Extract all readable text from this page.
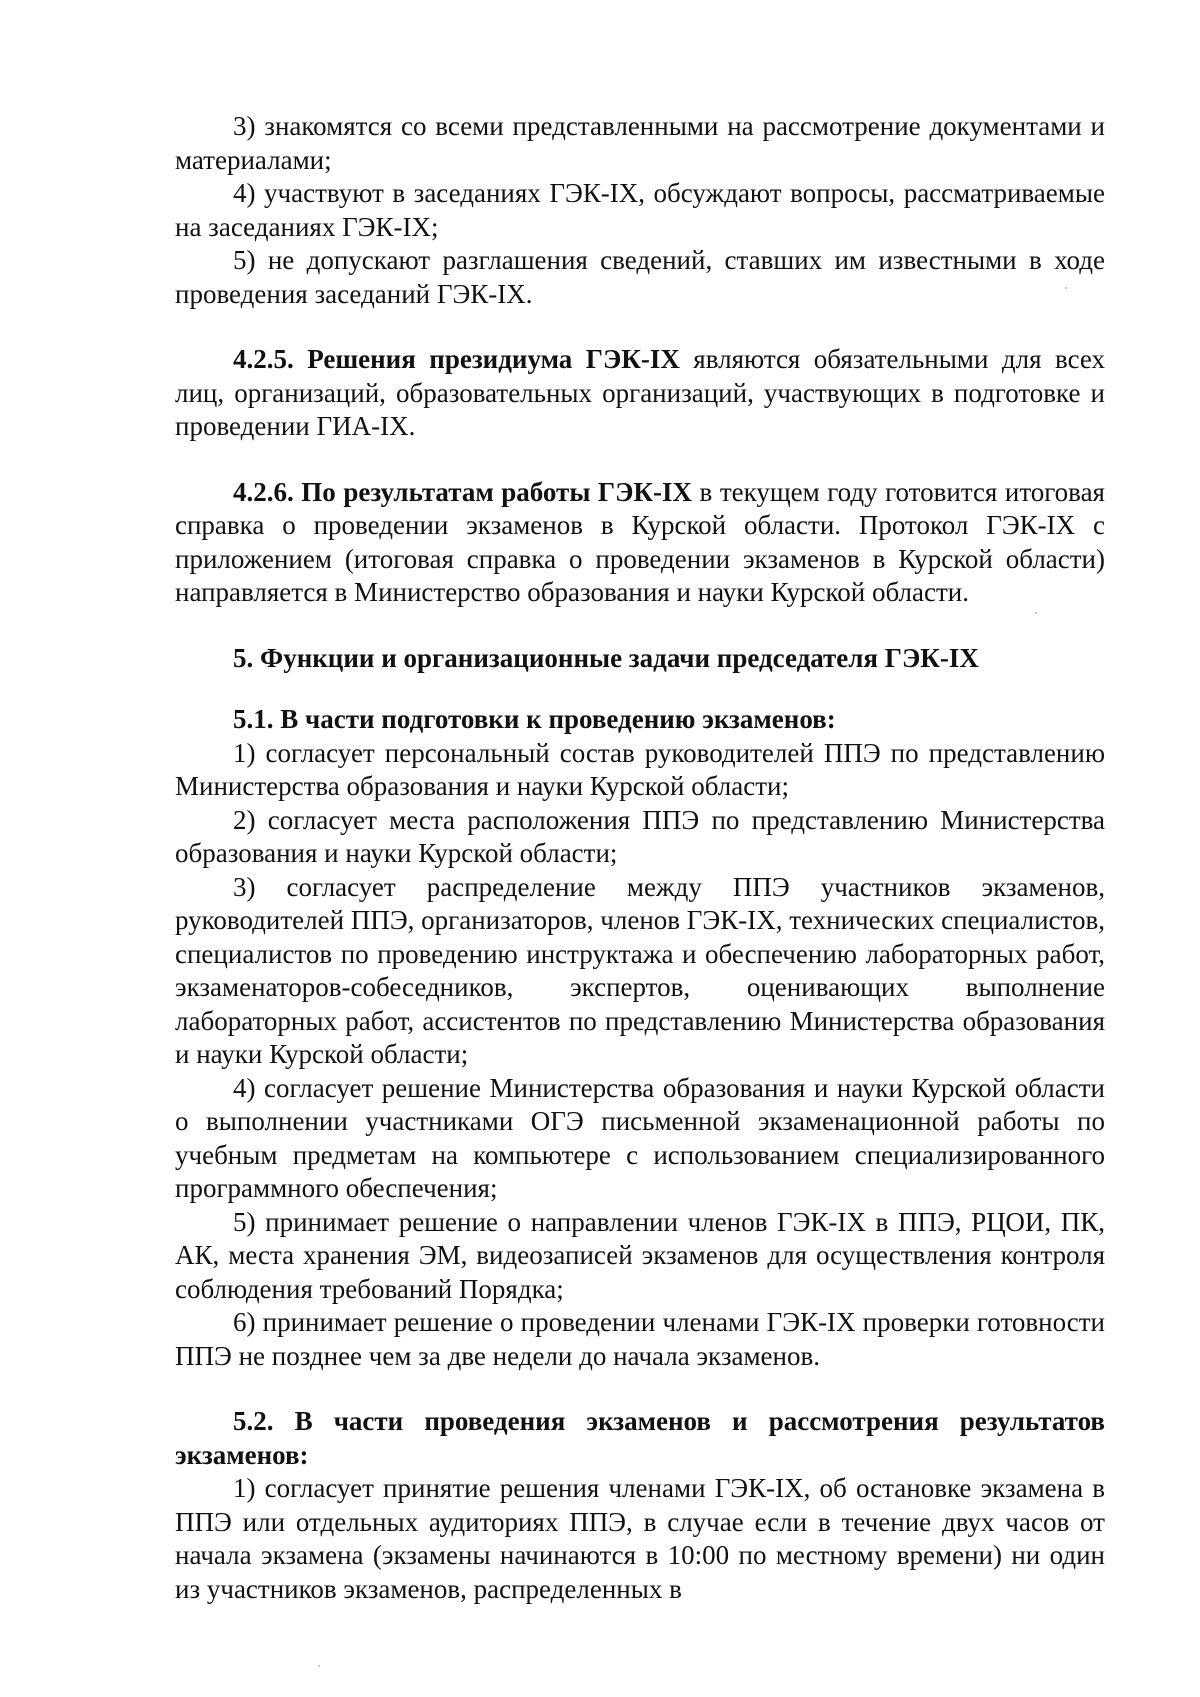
3) знакомятся со всеми представленными на рассмотрение документами и материалами;

4) участвуют в заседаниях ГЭК-IX, обсуждают вопросы, рассматриваемые на заседаниях ГЭК-IX;

5) не допускают разглашения сведений, ставших им известными в ходе проведения заседаний ГЭК-IX.

4.2.5. Решения президиума ГЭК-IX являются обязательными для всех лиц, организаций, образовательных организаций, участвующих в подготовке и проведении ГИА-IX.

4.2.6. По результатам работы ГЭК-IX в текущем году готовится итоговая справка о проведении экзаменов в Курской области. Протокол ГЭК-IX с приложением (итоговая справка о проведении экзаменов в Курской области) направляется в Министерство образования и науки Курской области.

5. Функции и организационные задачи председателя ГЭК-IX

5.1. В части подготовки к проведению экзаменов:

1) согласует персональный состав руководителей ППЭ по представлению Министерства образования и науки Курской области;

2) согласует места расположения ППЭ по представлению Министерства образования и науки Курской области;

3) согласует распределение между ППЭ участников экзаменов, руководителей ППЭ, организаторов, членов ГЭК-IX, технических специалистов, специалистов по проведению инструктажа и обеспечению лабораторных работ, экзаменаторов-собеседников, экспертов, оценивающих выполнение лабораторных работ, ассистентов по представлению Министерства образования и науки Курской области;

4) согласует решение Министерства образования и науки Курской области о выполнении участниками ОГЭ письменной экзаменационной работы по учебным предметам на компьютере с использованием специализированного программного обеспечения;

5) принимает решение о направлении членов ГЭК-IX в ППЭ, РЦОИ, ПК, АК, места хранения ЭМ, видеозаписей экзаменов для осуществления контроля соблюдения требований Порядка;

6) принимает решение о проведении членами ГЭК-IX проверки готовности ППЭ не позднее чем за две недели до начала экзаменов.

5.2. В части проведения экзаменов и рассмотрения результатов экзаменов:

1) согласует принятие решения членами ГЭК-IX, об остановке экзамена в ППЭ или отдельных аудиториях ППЭ, в случае если в течение двух часов от начала экзамена (экзамены начинаются в 10:00 по местному времени) ни один из участников экзаменов, распределенных в
